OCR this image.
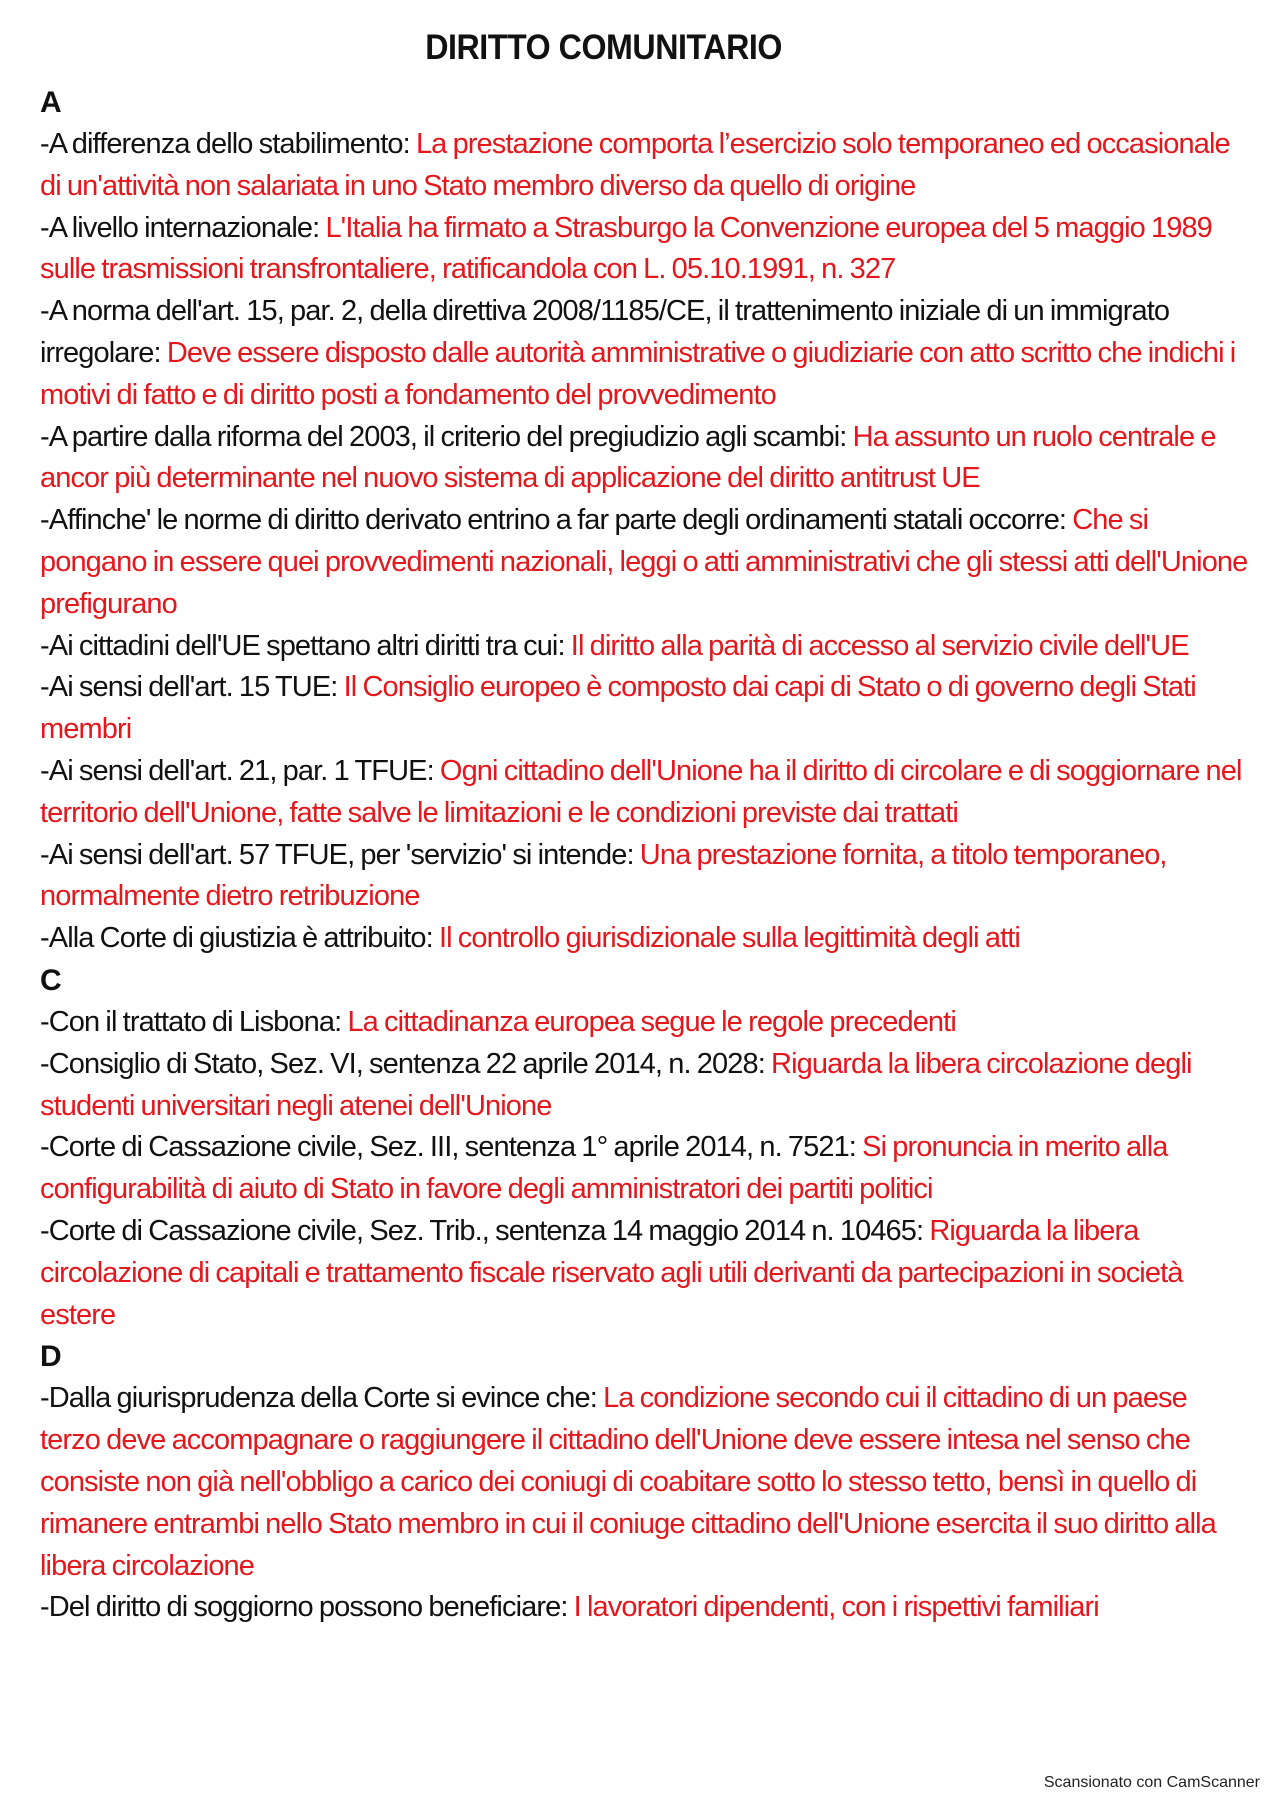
DIRITTO COMUNITARIO
A

-A differenza dello stabilimento: La prestazione comporta l’esercizio solo temporaneo ed occasionale di un'attività non salariata in uno Stato membro diverso da quello di origine

-A livello internazionale: L'Italia ha firmato a Strasburgo la Convenzione europea del 5 maggio 1989 sulle trasmissioni transfrontaliere, ratificandola con L. 05.10.1991, n. 327

-A norma dell'art. 15, par. 2, della direttiva 2008/1185/CE, il trattenimento iniziale di un immigrato irregolare: Deve essere disposto dalle autorità amministrative o giudiziarie con atto scritto che indichi i motivi di fatto e di diritto posti a fondamento del provvedimento

-A partire dalla riforma del 2003, il criterio del pregiudizio agli scambi: Ha assunto un ruolo centrale e ancor più determinante nel nuovo sistema di applicazione del diritto antitrust UE

-Affinche' le norme di diritto derivato entrino a far parte degli ordinamenti statali occorre: Che si pongano in essere quei provvedimenti nazionali, leggi o atti amministrativi che gli stessi atti dell'Unione prefigurano

-Ai cittadini dell'UE spettano altri diritti tra cui: Il diritto alla parità di accesso al servizio civile dell'UE

-Ai sensi dell'art. 15 TUE: Il Consiglio europeo è composto dai capi di Stato o di governo degli Stati membri

-Ai sensi dell'art. 21, par. 1 TFUE: Ogni cittadino dell'Unione ha il diritto di circolare e di soggiornare nel territorio dell'Unione, fatte salve le limitazioni e le condizioni previste dai trattati

-Ai sensi dell'art. 57 TFUE, per 'servizio' si intende: Una prestazione fornita, a titolo temporaneo, normalmente dietro retribuzione

-Alla Corte di giustizia è attribuito: Il controllo giurisdizionale sulla legittimità degli atti

C

-Con il trattato di Lisbona: La cittadinanza europea segue le regole precedenti

-Consiglio di Stato, Sez. VI, sentenza 22 aprile 2014, n. 2028: Riguarda la libera circolazione degli studenti universitari negli atenei dell'Unione

-Corte di Cassazione civile, Sez. III, sentenza 1° aprile 2014, n. 7521: Si pronuncia in merito alla configurabilità di aiuto di Stato in favore degli amministratori dei partiti politici

-Corte di Cassazione civile, Sez. Trib., sentenza 14 maggio 2014 n. 10465: Riguarda la libera circolazione di capitali e trattamento fiscale riservato agli utili derivanti da partecipazioni in società estere

D

-Dalla giurisprudenza della Corte si evince che: La condizione secondo cui il cittadino di un paese terzo deve accompagnare o raggiungere il cittadino dell'Unione deve essere intesa nel senso che consiste non già nell'obbligo a carico dei coniugi di coabitare sotto lo stesso tetto, bensì in quello di rimanere entrambi nello Stato membro in cui il coniuge cittadino dell'Unione esercita il suo diritto alla libera circolazione

-Del diritto di soggiorno possono beneficiare: I lavoratori dipendenti, con i rispettivi familiari

Scansionato con CamScanner
